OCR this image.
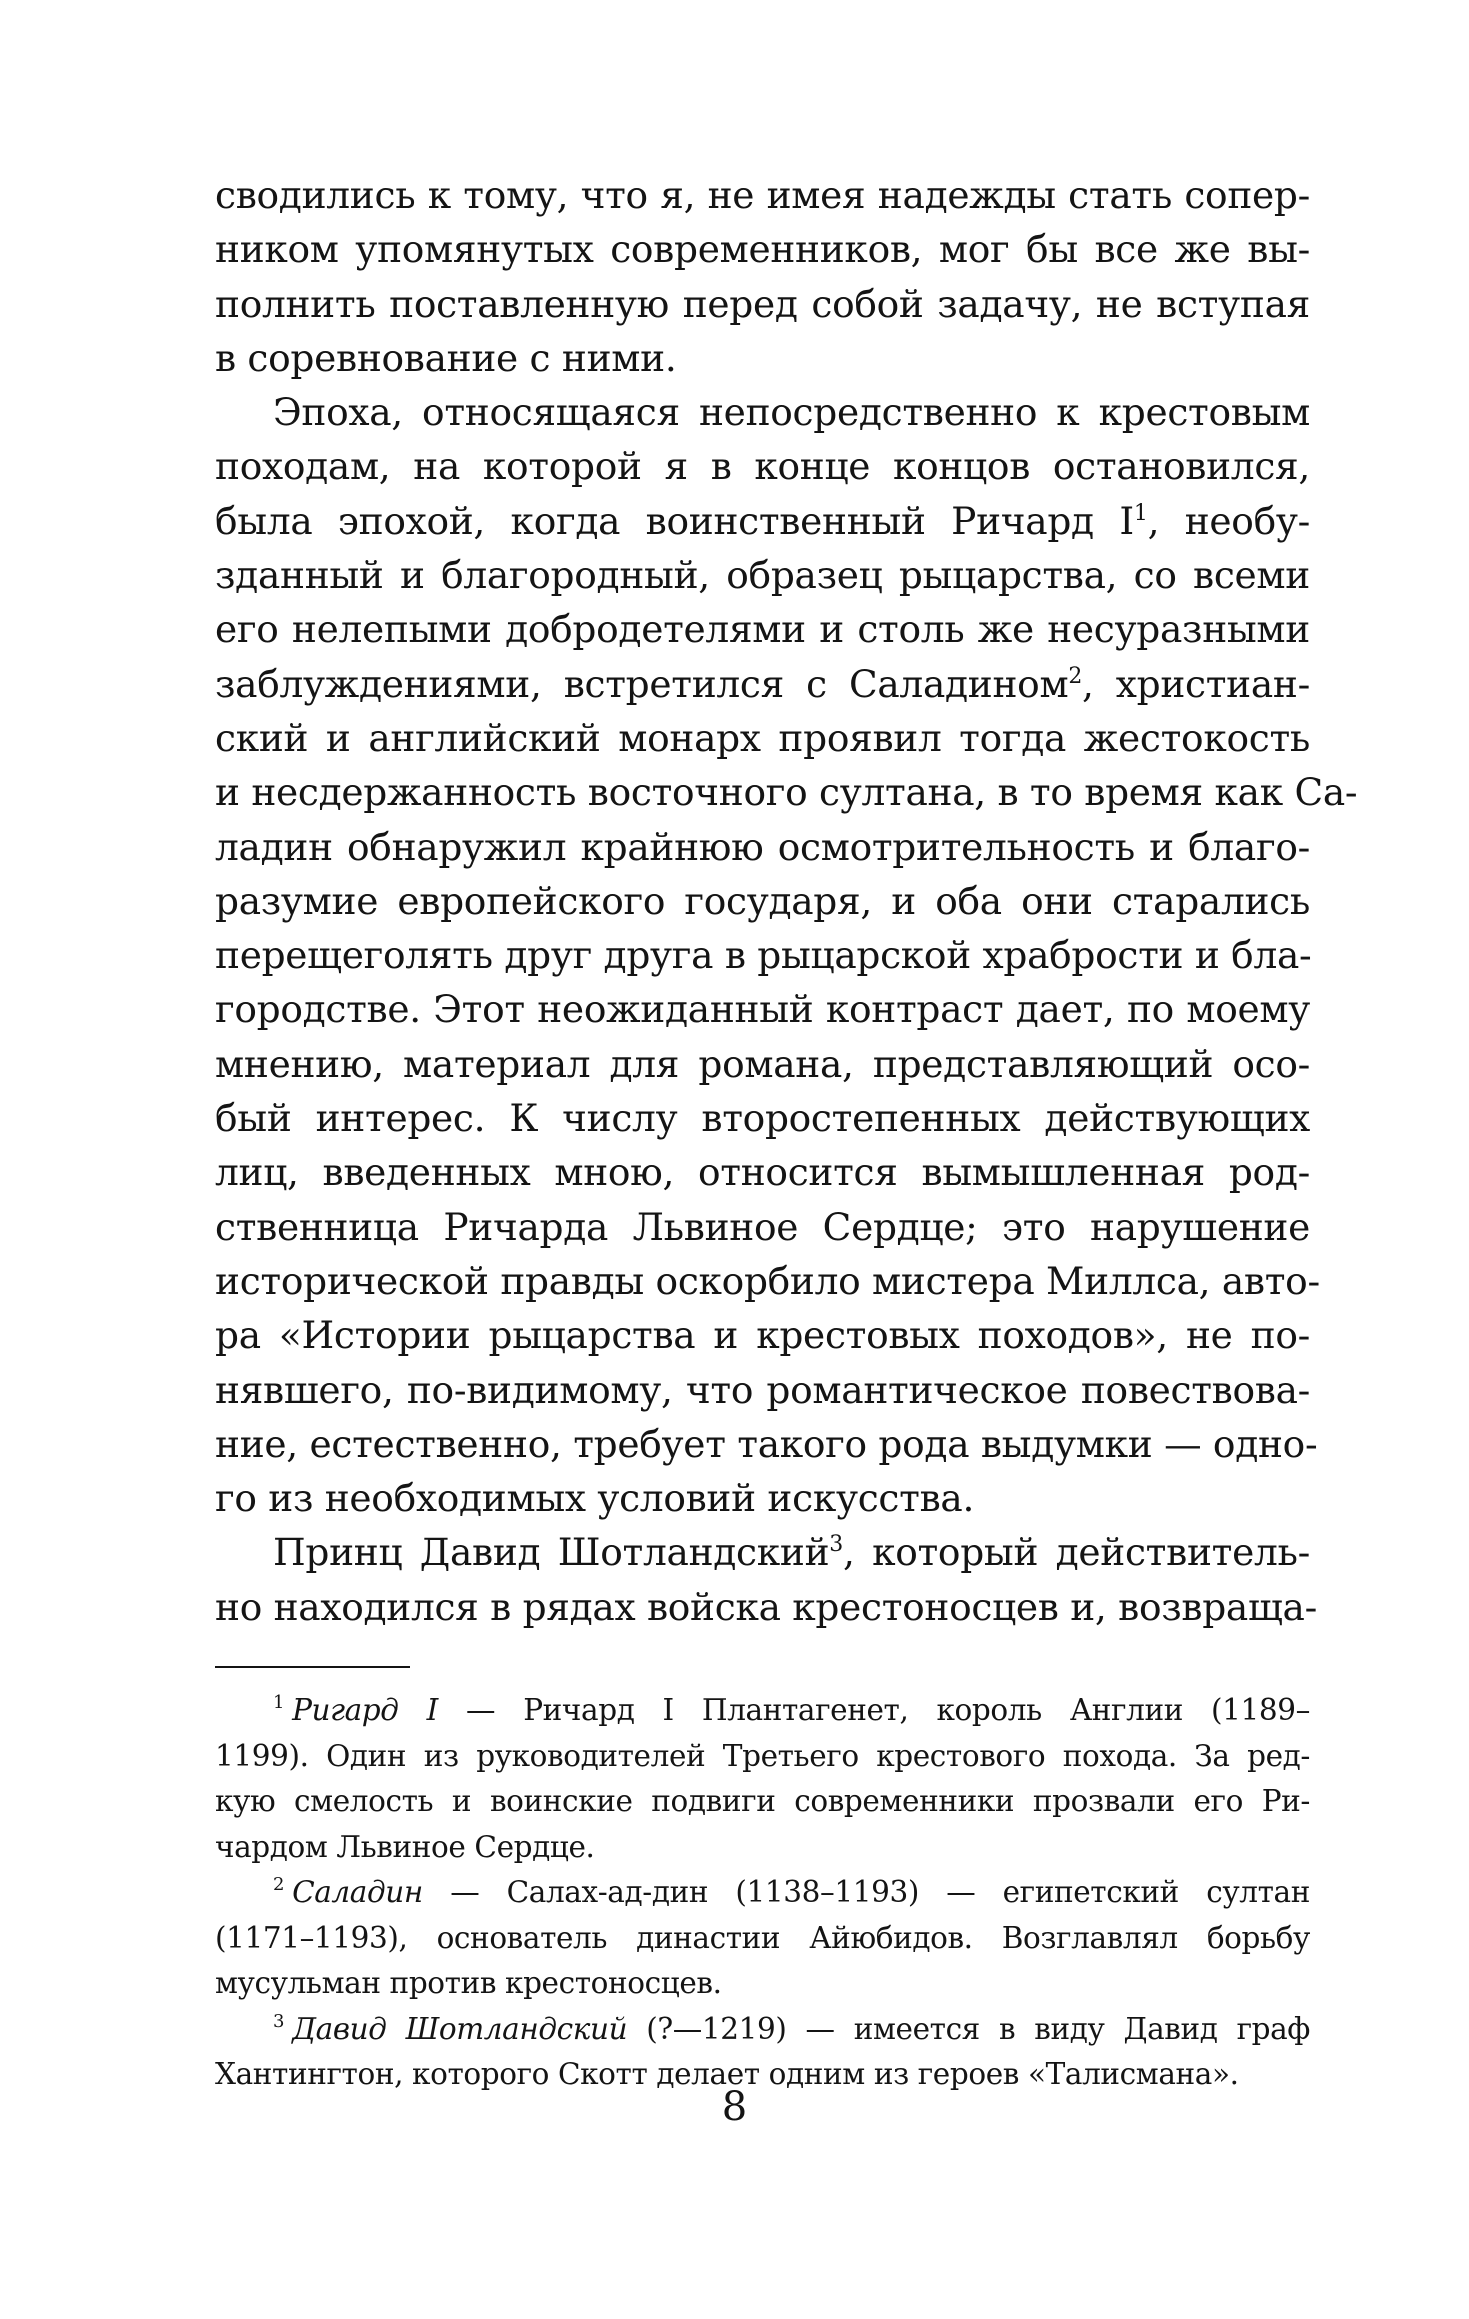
сводились к тому, что я, не имея надежды стать сопер-
ником упомянутых современников, мог бы все же вы-
полнить поставленную перед собой задачу, не вступая
в соревнование с ними.
Эпоха, относящаяся непосредственно к крестовым
походам, на которой я в конце концов остановился,
была эпохой, когда воинственный Ричард $I^1$, необу-
зданный и благородный, образец рыцарства, со всеми
его нелепыми добродетелями и столь же несуразными
заблуждениями, встретился с Саладином$^2$, христиан-
ский и английский монарх проявил тогда жестокость
и несдержанность восточного султана, в то время как Са-
ладин обнаружил крайнюю осмотрительность и благо-
разумие европейского государя, и оба они старались
перещеголять друг друга в рыцарской храбрости и бла-
городстве. Этот неожиданный контраст дает, по моему
мнению, материал для романа, представляющий осо-
бый интерес. К числу второстепенных действующих
лиц, введенных мною, относится вымышленная род-
ственница Ричарда Львиное Сердце; это нарушение
исторической правды оскорбило мистера Миллса, авто-
ра «Истории рыцарства и крестовых походов», не по-
нявшего, по-видимому, что романтическое повествова-
ние, естественно, требует такого рода выдумки — одно-
го из необходимых условий искусства.
Принц Давид Шотландский$^3$, который действитель-
но находился в рядах войска крестоносцев и, возвраща-
$^1$ Ригард I — Ричард I Плантагенет, король Англии (1189–
1199). Один из руководителей Третьего крестового похода. За ред-
кую смелость и воинские подвиги современники прозвали его Ри-
чардом Львиное Сердце.
$^2$ Саладин — Салах-ад-дин (1138–1193) — египетский султан
(1171–1193), основатель династии Айюбидов. Возглавлял борьбу
мусульман против крестоносцев.
$^3$ Давид Шотландский (?—1219) — имеется в виду Давид граф
Хантингтон, которого Скотт делает одним из героев «Талисмана».
8
